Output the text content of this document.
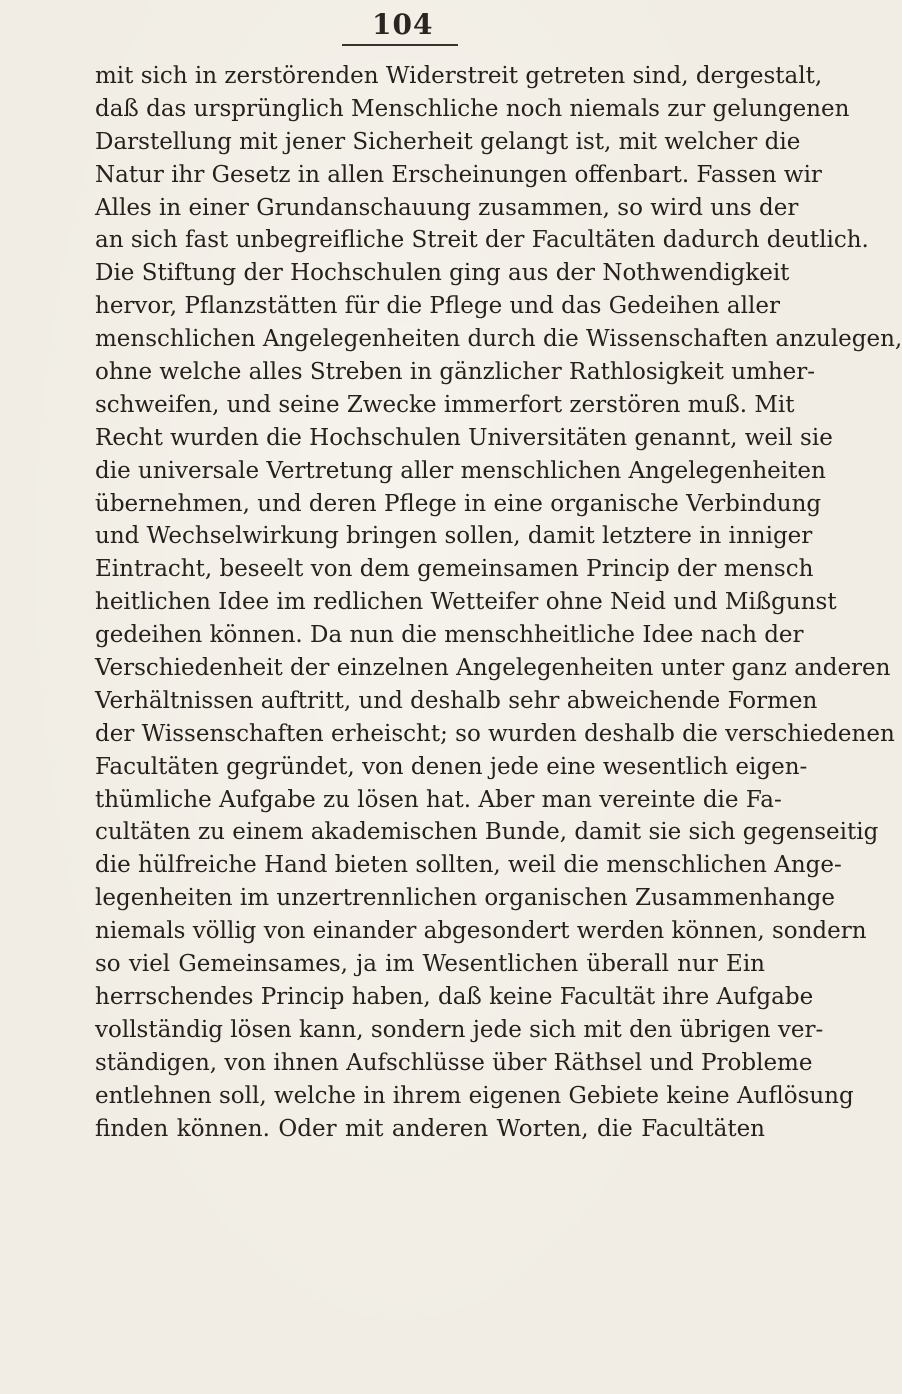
104
mit sich in zerstörenden Widerstreit getreten sind, dergestalt,
daß das ursprünglich Menschliche noch niemals zur gelungenen
Darstellung mit jener Sicherheit gelangt ist, mit welcher die
Natur ihr Gesetz in allen Erscheinungen offenbart. Fassen wir
Alles in einer Grundanschauung zusammen, so wird uns der
an sich fast unbegreifliche Streit der Facultäten dadurch deutlich.
Die Stiftung der Hochschulen ging aus der Nothwendigkeit
hervor, Pflanzstätten für die Pflege und das Gedeihen aller
menschlichen Angelegenheiten durch die Wissenschaften anzulegen,
ohne welche alles Streben in gänzlicher Rathlosigkeit umher-
schweifen, und seine Zwecke immerfort zerstören muß. Mit
Recht wurden die Hochschulen Universitäten genannt, weil sie
die universale Vertretung aller menschlichen Angelegenheiten
übernehmen, und deren Pflege in eine organische Verbindung
und Wechselwirkung bringen sollen, damit letztere in inniger
Eintracht, beseelt von dem gemeinsamen Princip der mensch
heitlichen Idee im redlichen Wetteifer ohne Neid und Mißgunst
gedeihen können. Da nun die menschheitliche Idee nach der
Verschiedenheit der einzelnen Angelegenheiten unter ganz anderen
Verhältnissen auftritt, und deshalb sehr abweichende Formen
der Wissenschaften erheischt; so wurden deshalb die verschiedenen
Facultäten gegründet, von denen jede eine wesentlich eigen-
thümliche Aufgabe zu lösen hat. Aber man vereinte die Fa-
cultäten zu einem akademischen Bunde, damit sie sich gegenseitig
die hülfreiche Hand bieten sollten, weil die menschlichen Ange-
legenheiten im unzertrennlichen organischen Zusammenhange
niemals völlig von einander abgesondert werden können, sondern
so viel Gemeinsames, ja im Wesentlichen überall nur Ein
herrschendes Princip haben, daß keine Facultät ihre Aufgabe
vollständig lösen kann, sondern jede sich mit den übrigen ver-
ständigen, von ihnen Aufschlüsse über Räthsel und Probleme
entlehnen soll, welche in ihrem eigenen Gebiete keine Auflösung
finden können. Oder mit anderen Worten, die Facultäten
